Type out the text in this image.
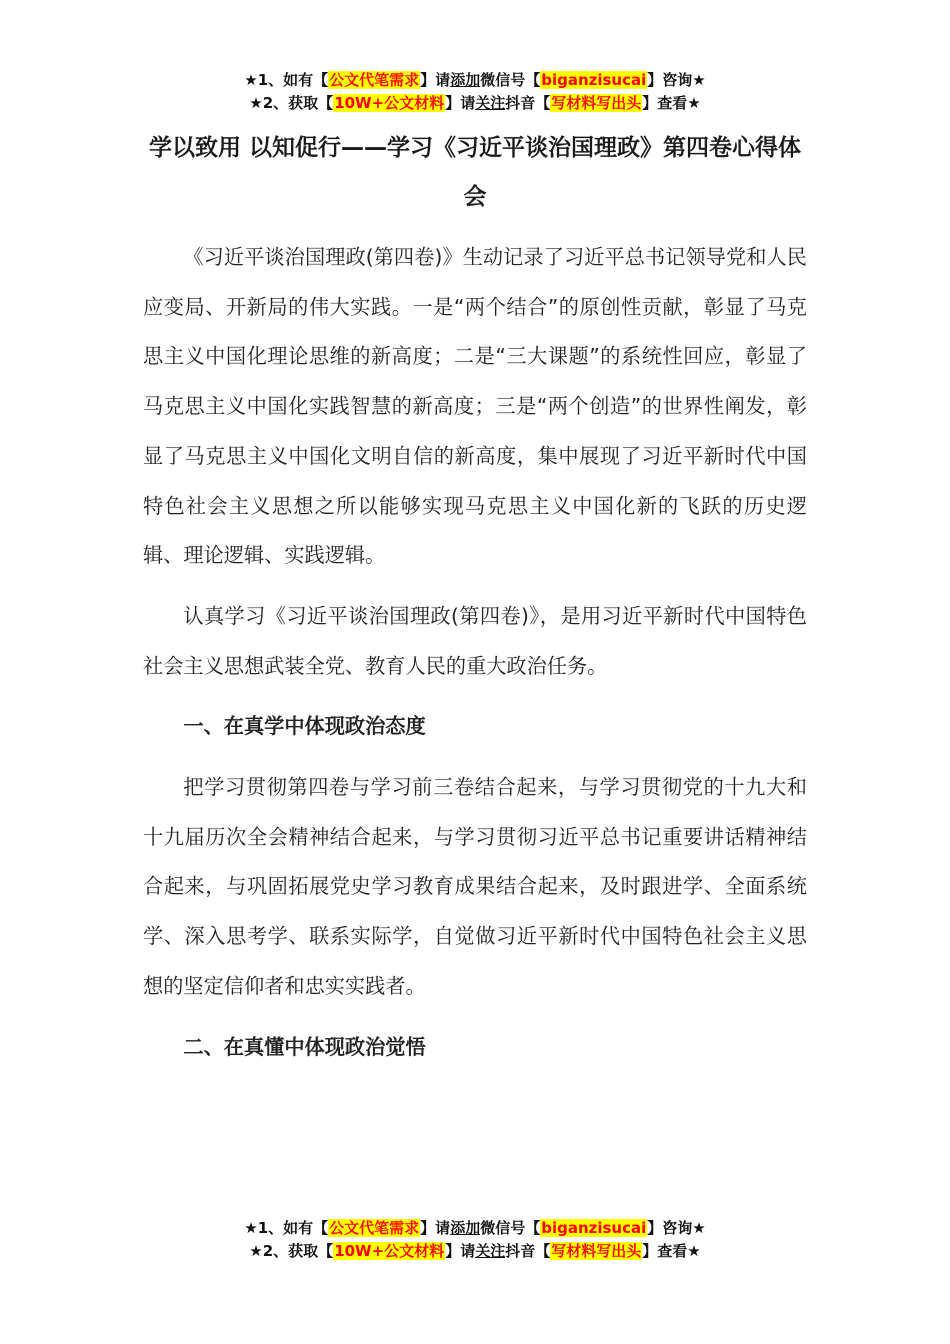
★1、如有【公文代笔需求】请添加微信号【biganzisucai】咨询★
★2、获取【10W+公文材料】请关注抖音【写材料写出头】查看★
学以致用 以知促行——学习《习近平谈治国理政》第四卷心得体会

《习近平谈治国理政(第四卷)》生动记录了习近平总书记领导党和人民应变局、开新局的伟大实践。一是“两个结合”的原创性贡献，彰显了马克思主义中国化理论思维的新高度；二是“三大课题”的系统性回应，彰显了马克思主义中国化实践智慧的新高度；三是“两个创造”的世界性阐发，彰显了马克思主义中国化文明自信的新高度，集中展现了习近平新时代中国特色社会主义思想之所以能够实现马克思主义中国化新的飞跃的历史逻辑、理论逻辑、实践逻辑。

认真学习《习近平谈治国理政(第四卷)》，是用习近平新时代中国特色社会主义思想武装全党、教育人民的重大政治任务。

一、在真学中体现政治态度

把学习贯彻第四卷与学习前三卷结合起来，与学习贯彻党的十九大和十九届历次全会精神结合起来，与学习贯彻习近平总书记重要讲话精神结合起来，与巩固拓展党史学习教育成果结合起来，及时跟进学、全面系统学、深入思考学、联系实际学，自觉做习近平新时代中国特色社会主义思想的坚定信仰者和忠实实践者。

二、在真懂中体现政治觉悟

★1、如有【公文代笔需求】请添加微信号【biganzisucai】咨询★
★2、获取【10W+公文材料】请关注抖音【写材料写出头】查看★
